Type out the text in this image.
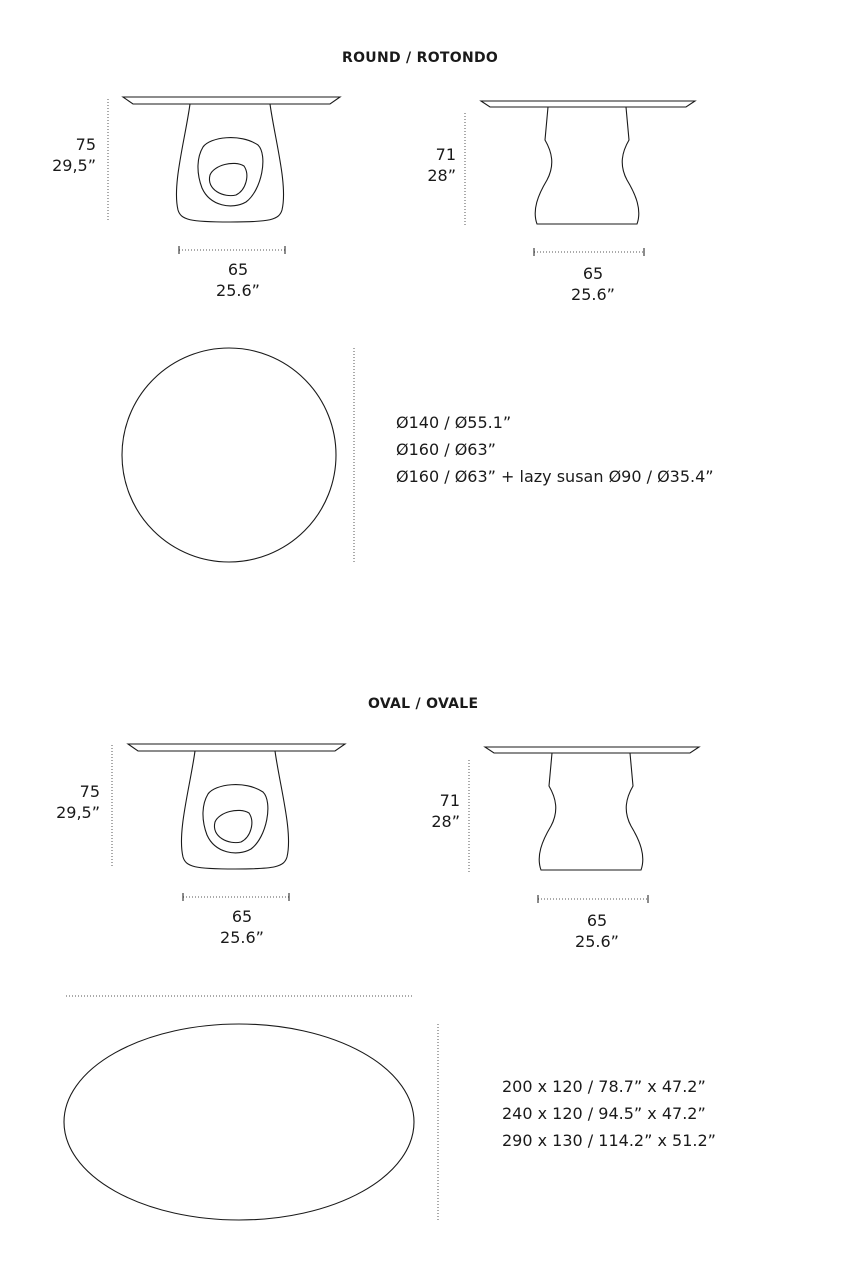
ROUND / ROTONDO
75
29,5”
65
25.6”
71
28”
65
25.6”
Ø140 / Ø55.1”
Ø160 / Ø63”
Ø160 / Ø63” + lazy susan Ø90 / Ø35.4”
OVAL / OVALE
75
29,5”
65
25.6”
71
28”
65
25.6”
200 x 120 / 78.7” x 47.2”
240 x 120 / 94.5” x 47.2”
290 x 130 / 114.2” x 51.2”
